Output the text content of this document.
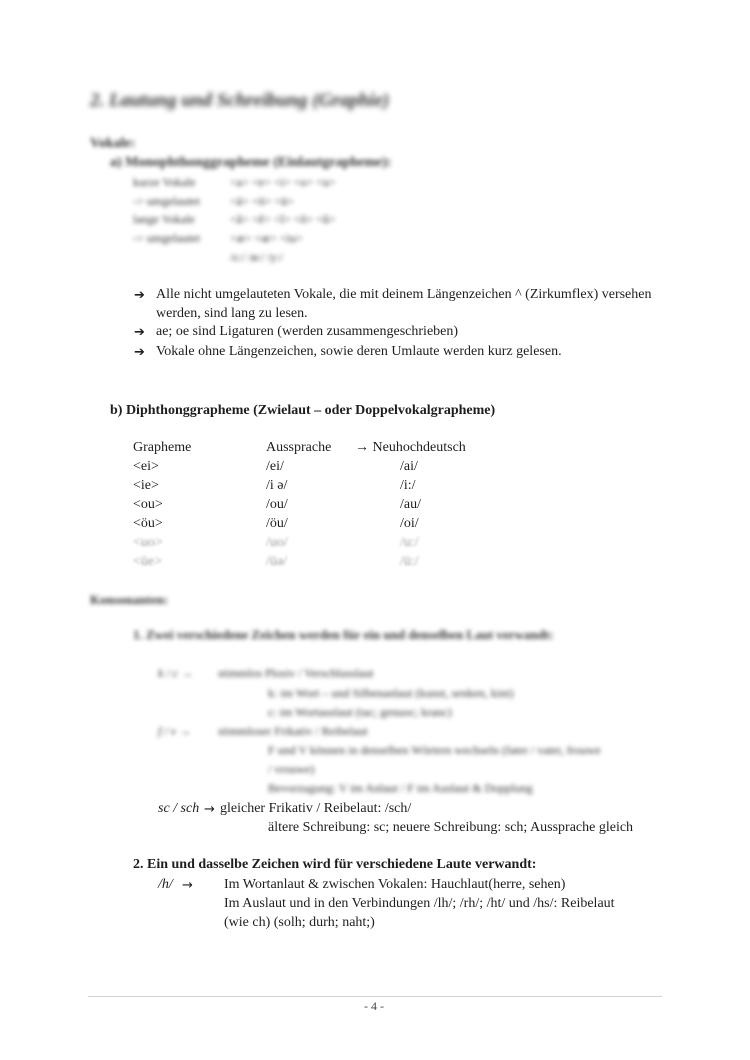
2. Lautung und Schreibung (Graphie)
Vokale:
a) Monophthonggrapheme (Einlautgrapheme):
kurze Vokale	<a> <e> <i> <o> <u>
-> umgelautet <ä> <ö> <ü>
lange Vokale	<â> <ê> <î> <ô> <û>
-> umgelautet <æ> <œ> <iu>
/ɛ:/ /ø:/ /y:/
➔ Alle nicht umgelauteten Vokale, die mit deinem Längenzeichen ^ (Zirkumflex) versehen
werden, sind lang zu lesen.
➔ ae; oe sind Ligaturen (werden zusammengeschrieben)
➔ Vokale ohne Längenzeichen, sowie deren Umlaute werden kurz gelesen.
b) Diphthonggrapheme (Zwielaut – oder Doppelvokalgrapheme)
Grapheme	Aussprache → Neuhochdeutsch
<ei>	/ei/	/ai/
<ie>	/i ə/	/i:/
<ou>	/ou/	/au/
<öu>	/öu/	/oi/
<uo>	/uo/	/u:/
<üe>	/üə/	/ü:/
Konsonanten:
1. Zwei verschiedene Zeichen werden für ein und denselben Laut verwandt:
k / c → stimmlos Plosiv / Verschlusslaut
k: im Wort – und Silbenanlaut (kunst, senken, kint)
c: im Wortauslaut (tac; genuoc; kranc)
f / v → stimmloser Frikativ / Reibelaut
F und V können in denselben Wörtern wechseln (fater / vater, frouwe
/ vrouwe)
Bevorzugung: V im Anlaut / F im Auslaut & Dopplung
sc / sch → gleicher Frikativ / Reibelaut: /sch/
ältere Schreibung: sc; neuere Schreibung: sch; Aussprache gleich
2. Ein und dasselbe Zeichen wird für verschiedene Laute verwandt:
/h/ → Im Wortanlaut & zwischen Vokalen: Hauchlaut(herre, sehen)
Im Auslaut und in den Verbindungen /lh/; /rh/; /ht/ und /hs/: Reibelaut
(wie ch) (solh; durh; naht;)
- 4 -
